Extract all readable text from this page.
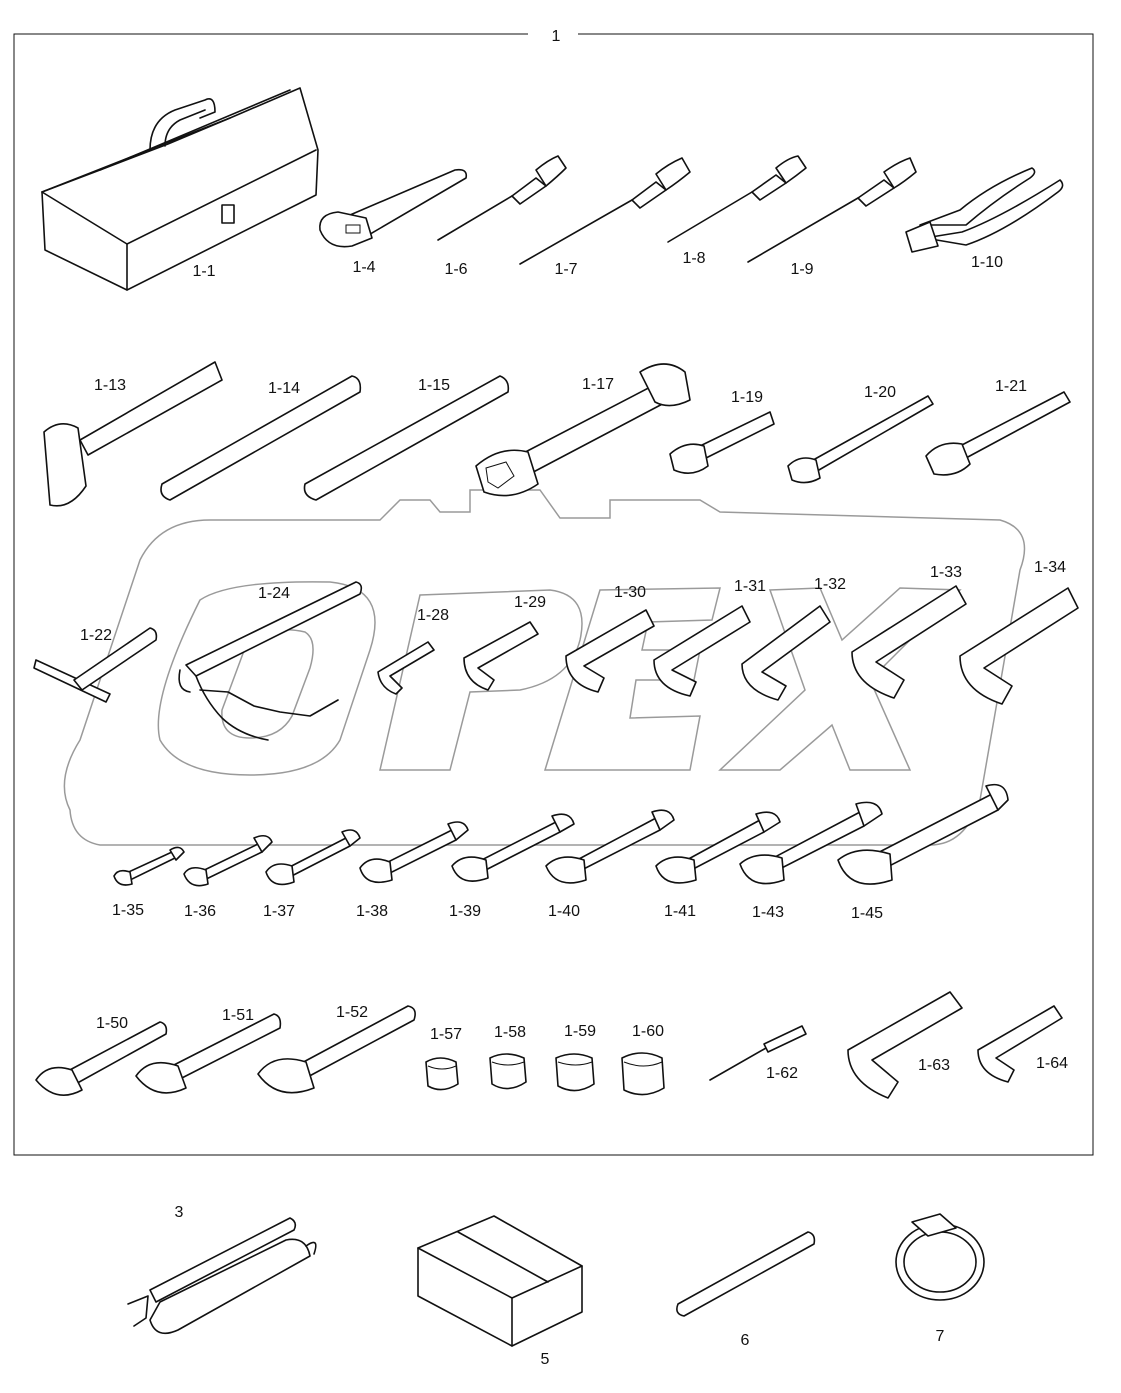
1
1-1	1-4	1-6	1-7
1-8
1-9	1-10
1-13	1-14	1-15	1-17
1-19	1-20	1-21
1-22
1-24
1-28
1-29
1-30	1-31	1-32
1-33	1-34
1-35 1-36	1-37	1-38	1-39	1-40	1-41	1-43	1-45
1-50	1-51	1-52
1-57 1-58 1-59 1-60
1-62	1-63	1-64
3
5
6	7
